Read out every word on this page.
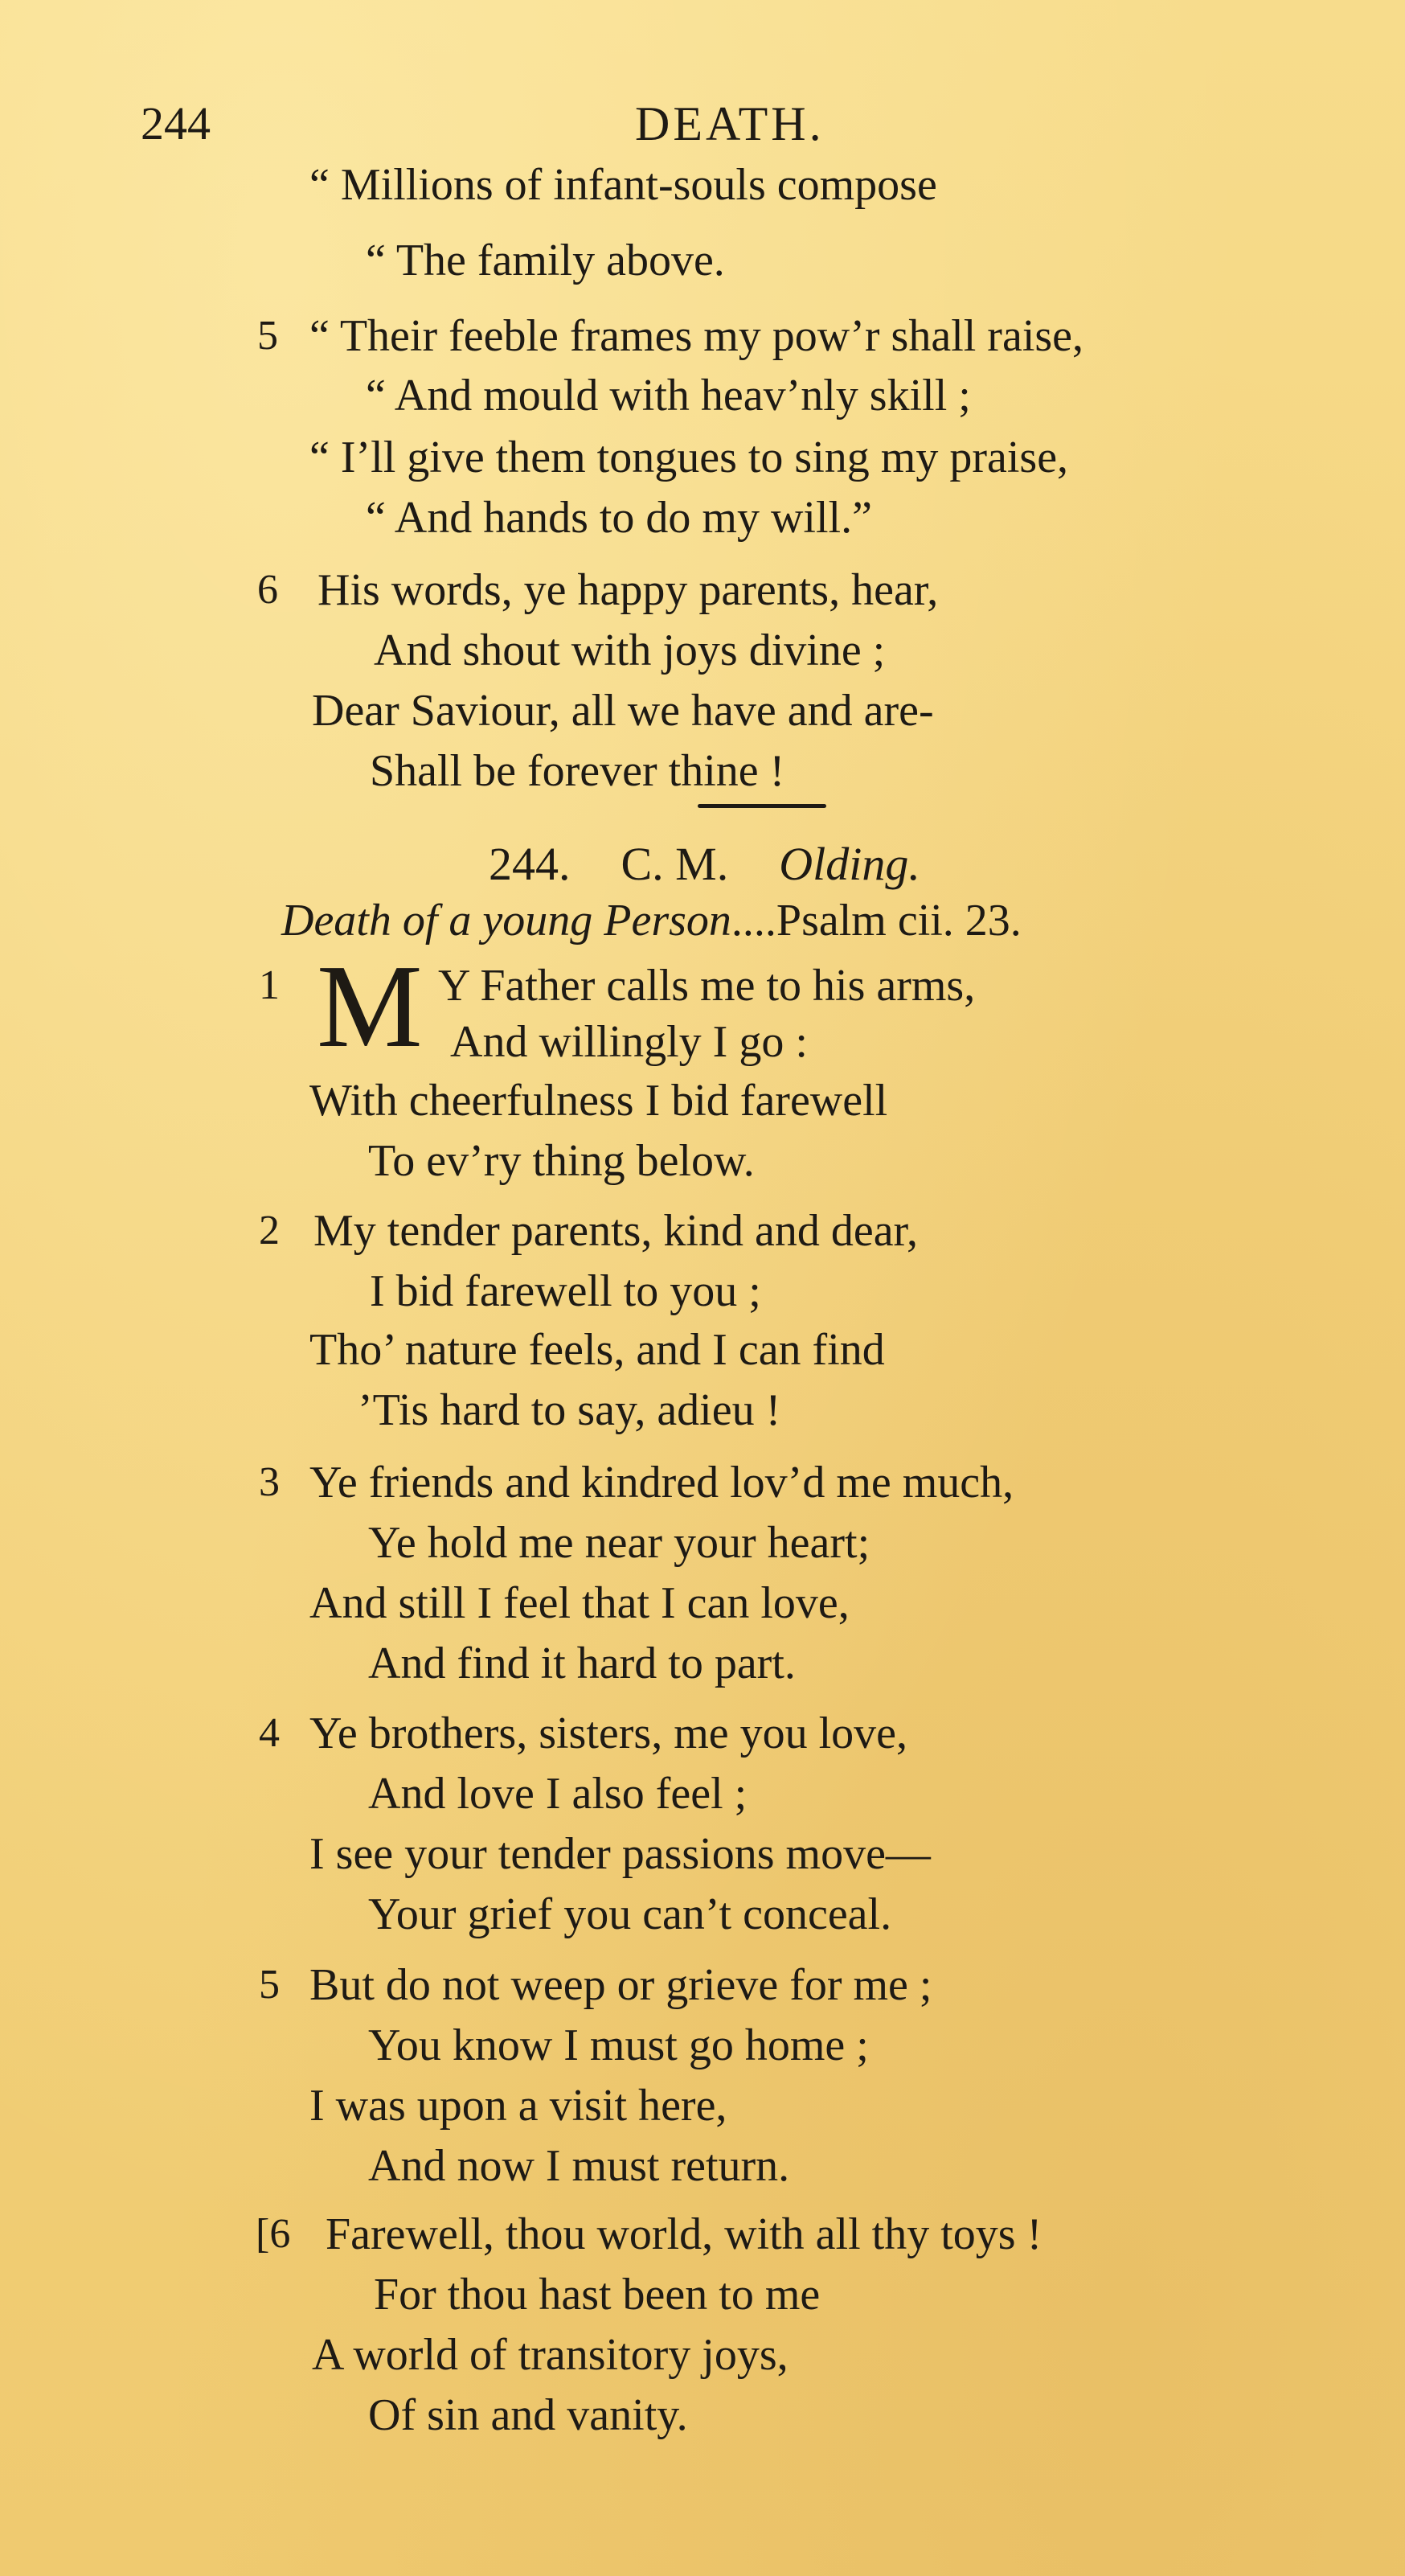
244	DEATH.
“ Millions of infant-souls compose
“ The family above.
5 “ Their feeble frames my pow’r shall raise,
“ And mould with heav’nly skill ;
“ I’ll give them tongues to sing my praise,
“ And hands to do my will.”
6 His words, ye happy parents, hear,
And shout with joys divine ;
Dear Saviour, all we have and are-
Shall be forever thine !
244. C. M. Olding.
Death of a young Person....Psalm cii. 23.
1 M Y Father calls me to his arms,
And willingly I go :
With cheerfulness I bid farewell
To ev’ry thing below.
2 My tender parents, kind and dear,
I bid farewell to you ;
Tho’ nature feels, and I can find
’Tis hard to say, adieu !
3 Ye friends and kindred lov’d me much,
Ye hold me near your heart;
And still I feel that I can love,
And find it hard to part.
4 Ye brothers, sisters, me you love,
And love I also feel ;
I see your tender passions move—
Your grief you can’t conceal.
5 But do not weep or grieve for me ;
You know I must go home ;
I was upon a visit here,
And now I must return.
[6 Farewell, thou world, with all thy toys !
For thou hast been to me
A world of transitory joys,
Of sin and vanity.
